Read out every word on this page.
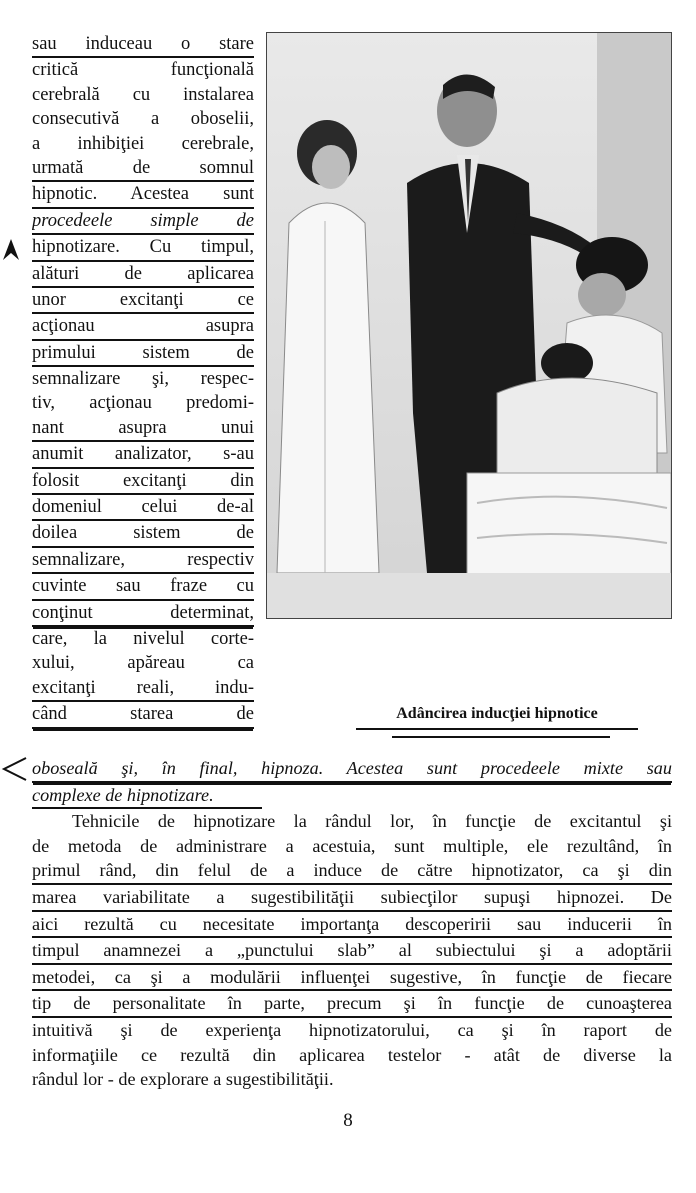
sau induceau o stare
critică funcţională
cerebrală cu instalarea
consecutivă a oboselii,
a inhibiţiei cerebrale,
urmată de somnul
hipnotic. Acestea sunt
procedeele simple de
hipnotizare. Cu timpul,
alături de aplicarea
unor excitanţi ce
acţionau asupra
primului sistem de
semnalizare şi, respec-
tiv, acţionau predomi-
nant asupra unui
anumit analizator, s-au
folosit excitanţi din
domeniul celui de-al
doilea sistem de
semnalizare, respectiv
cuvinte sau fraze cu
conţinut determinat,
care, la nivelul corte-
xului, apăreau ca
excitanţi reali, indu-
când starea de	Adâncirea inducţiei hipnotice
oboseală şi, în final, hipnoza. Acestea sunt procedeele mixte sau
complexe de hipnotizare.
Tehnicile de hipnotizare la rândul lor, în funcţie de excitantul şi
de metoda de administrare a acestuia, sunt multiple, ele rezultând, în
primul rând, din felul de a induce de către hipnotizator, ca şi din
marea variabilitate a sugestibilităţii subiecţilor supuşi hipnozei. De
aici rezultă cu necesitate importanţa descoperirii sau inducerii în
timpul anamnezei a „punctului slab” al subiectului şi a adoptării
metodei, ca şi a modulării influenţei sugestive, în funcţie de fiecare
tip de personalitate în parte, precum şi în funcţie de cunoaşterea
intuitivă şi de experienţa hipnotizatorului, ca şi în raport de
informaţiile ce rezultă din aplicarea testelor - atât de diverse la
rândul lor - de explorare a sugestibilităţii.
8
